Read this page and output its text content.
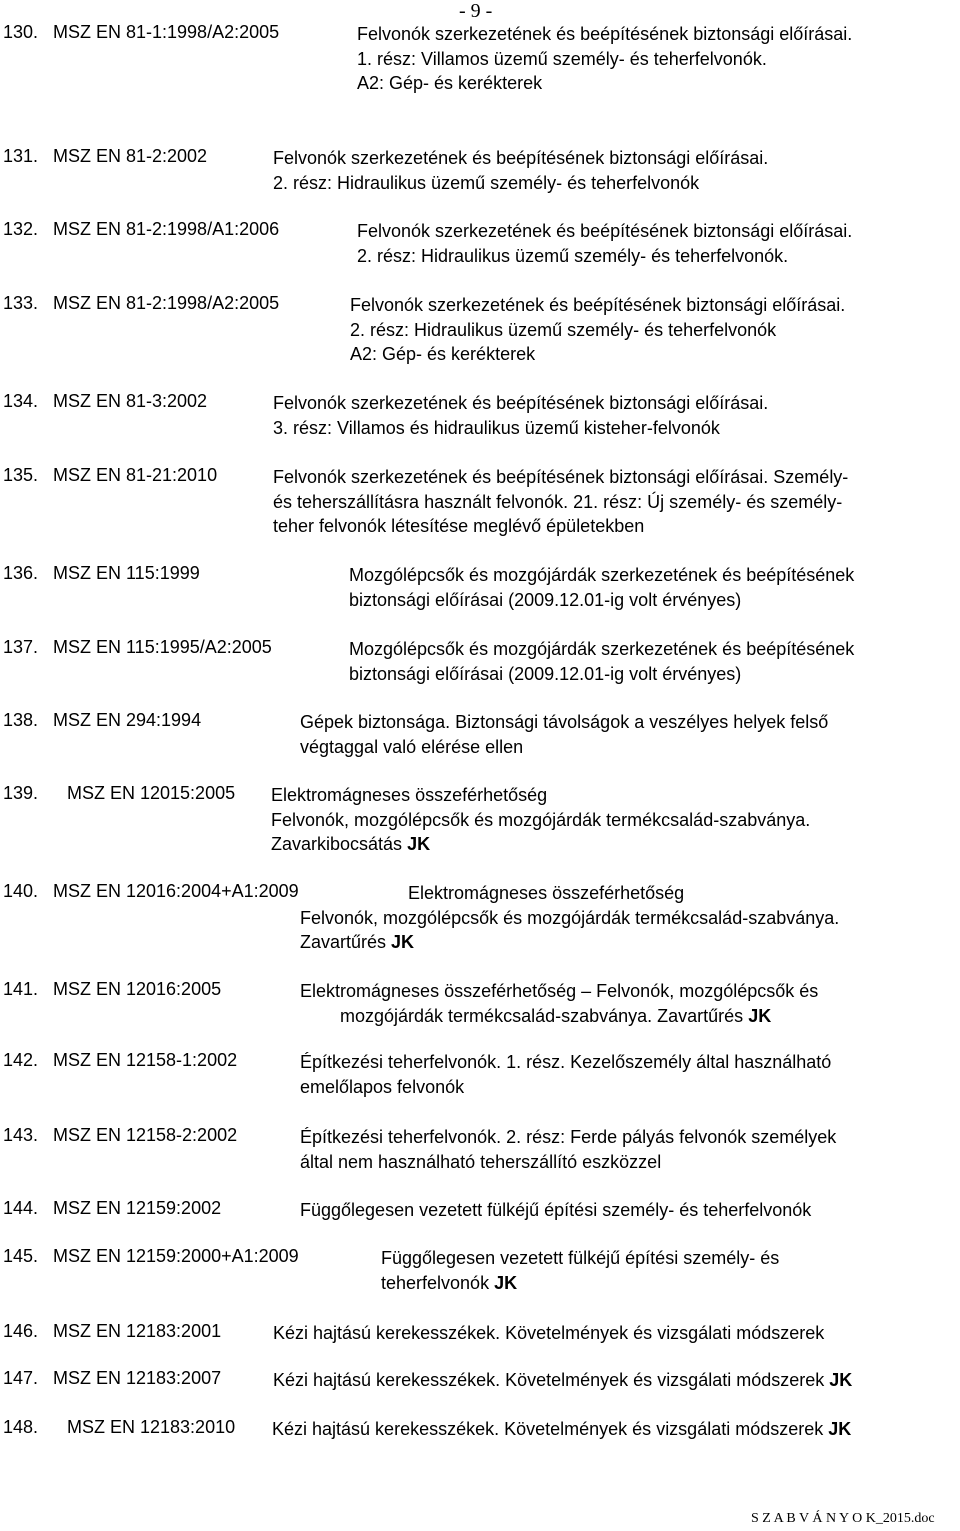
- 9 -
130. MSZ EN 81-1:1998/A2:2005	Felvonók szerkezetének és beépítésének biztonsági előírásai.
1. rész: Villamos üzemű személy- és teherfelvonók.
A2: Gép- és kerékterek
131. MSZ EN 81-2:2002	Felvonók szerkezetének és beépítésének biztonsági előírásai.
2. rész: Hidraulikus üzemű személy- és teherfelvonók
132. MSZ EN 81-2:1998/A1:2006	Felvonók szerkezetének és beépítésének biztonsági előírásai.
2. rész: Hidraulikus üzemű személy- és teherfelvonók.
133. MSZ EN 81-2:1998/A2:2005	Felvonók szerkezetének és beépítésének biztonsági előírásai.
2. rész: Hidraulikus üzemű személy- és teherfelvonók
A2: Gép- és kerékterek
134. MSZ EN 81-3:2002	Felvonók szerkezetének és beépítésének biztonsági előírásai.
3. rész: Villamos és hidraulikus üzemű kisteher-felvonók
135. MSZ EN 81-21:2010	Felvonók szerkezetének és beépítésének biztonsági előírásai. Személy-
és teherszállításra használt felvonók. 21. rész: Új személy- és személy-
teher felvonók létesítése meglévő épületekben
136. MSZ EN 115:1999	Mozgólépcsők és mozgójárdák szerkezetének és beépítésének
biztonsági előírásai (2009.12.01-ig volt érvényes)
137. MSZ EN 115:1995/A2:2005	Mozgólépcsők és mozgójárdák szerkezetének és beépítésének
biztonsági előírásai (2009.12.01-ig volt érvényes)
138. MSZ EN 294:1994	Gépek biztonsága. Biztonsági távolságok a veszélyes helyek felső
végtaggal való elérése ellen
139. MSZ EN 12015:2005 Elektromágneses összeférhetőség
Felvonók, mozgólépcsők és mozgójárdák termékcsalád-szabványa.
Zavarkibocsátás JK
140. MSZ EN 12016:2004+A1:2009	Elektromágneses összeférhetőség
Felvonók, mozgólépcsők és mozgójárdák termékcsalád-szabványa.
Zavartűrés JK
141. MSZ EN 12016:2005	Elektromágneses összeférhetőség – Felvonók, mozgólépcsők és
mozgójárdák termékcsalád-szabványa. Zavartűrés JK
142. MSZ EN 12158-1:2002	Építkezési teherfelvonók. 1. rész. Kezelőszemély által használható
emelőlapos felvonók
143. MSZ EN 12158-2:2002	Építkezési teherfelvonók. 2. rész: Ferde pályás felvonók személyek
által nem használható teherszállító eszközzel
144. MSZ EN 12159:2002	Függőlegesen vezetett fülkéjű építési személy- és teherfelvonók
145. MSZ EN 12159:2000+A1:2009	Függőlegesen vezetett fülkéjű építési személy- és
teherfelvonók JK
146. MSZ EN 12183:2001	Kézi hajtású kerekesszékek. Követelmények és vizsgálati módszerek
147. MSZ EN 12183:2007	Kézi hajtású kerekesszékek. Követelmények és vizsgálati módszerek JK
148. MSZ EN 12183:2010 Kézi hajtású kerekesszékek. Követelmények és vizsgálati módszerek JK
S Z A B V Á N Y O K_2015.doc
